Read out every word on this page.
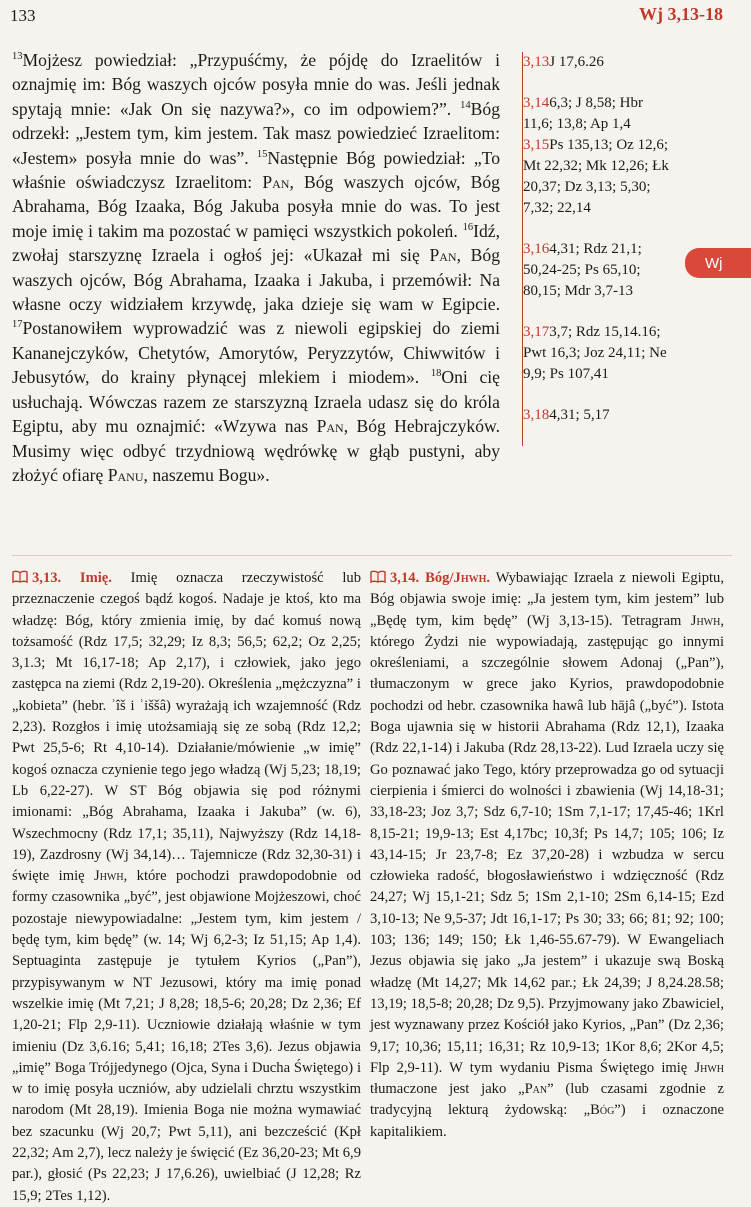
133	Wj 3,13-18
Wj
$^{13}$Mojżesz powiedział: „Przypuśćmy, że pójdę do Izraelitów i oznajmię im: Bóg waszych ojców posyła mnie do was. Jeśli jednak spytają mnie: «Jak On się nazywa?», co im odpowiem?”. $^{14}$Bóg odrzekł: „Jestem tym, kim jestem. Tak masz powiedzieć Izraelitom: «Jestem» posyła mnie do was”. $^{15}$Następnie Bóg powiedział: „To właśnie oświadczysz Izraelitom: Pan, Bóg waszych ojców, Bóg Abrahama, Bóg Izaaka, Bóg Jakuba posyła mnie do was. To jest moje imię i takim ma pozostać w pamięci wszystkich pokoleń. $^{16}$Idź, zwołaj starszyznę Izraela i ogłoś jej: «Ukazał mi się Pan, Bóg waszych ojców, Bóg Abrahama, Izaaka i Jakuba, i przemówił: Na własne oczy widziałem krzywdę, jaka dzieje się wam w Egipcie. $^{17}$Postanowiłem wyprowadzić was z niewoli egipskiej do ziemi Kananejczyków, Chetytów, Amorytów, Peryzzytów, Chiwwitów i Jebusytów, do krainy płynącej mlekiem i miodem». $^{18}$Oni cię usłuchają. Wówczas razem ze starszyzną Izraela udasz się do króla Egiptu, aby mu oznajmić: «Wzywa nas Pan, Bóg Hebrajczyków. Musimy więc odbyć trzydniową wędrówkę w głąb pustyni, aby złożyć ofiarę Panu, naszemu Bogu».
3,13J 17,6.26
3,146,3; J 8,58; Hbr 11,6; 13,8; Ap 1,4
3,15Ps 135,13; Oz 12,6; Mt 22,32; Mk 12,26; Łk 20,37; Dz 3,13; 5,30; 7,32; 22,14
3,164,31; Rdz 21,1; 50,24-25; Ps 65,10; 80,15; Mdr 3,7-13
3,173,7; Rdz 15,14.16; Pwt 16,3; Joz 24,11; Ne 9,9; Ps 107,41
3,184,31; 5,17
3,13. Imię. Imię oznacza rzeczywistość lub przeznaczenie czegoś bądź kogoś. Nadaje je ktoś, kto ma władzę: Bóg, który zmienia imię, by dać komuś nową tożsamość (Rdz 17,5; 32,29; Iz 8,3; 56,5; 62,2; Oz 2,25; 3,1.3; Mt 16,17-18; Ap 2,17), i człowiek, jako jego zastępca na ziemi (Rdz 2,19-20). Określenia „mężczyzna” i „kobieta” (hebr. ʾîš i ʾiššâ) wyrażają ich wzajemność (Rdz 2,23). Rozgłos i imię utożsamiają się ze sobą (Rdz 12,2; Pwt 25,5-6; Rt 4,10-14). Działanie/mówienie „w imię” kogoś oznacza czynienie tego jego władzą (Wj 5,23; 18,19; Lb 6,22-27). W ST Bóg objawia się pod różnymi imionami: „Bóg Abrahama, Izaaka i Jakuba” (w. 6), Wszechmocny (Rdz 17,1; 35,11), Najwyższy (Rdz 14,18-19), Zazdrosny (Wj 34,14)… Tajemnicze (Rdz 32,30-31) i święte imię Jhwh, które pochodzi prawdopodobnie od formy czasownika „być”, jest objawione Mojżeszowi, choć pozostaje niewypowiadalne: „Jestem tym, kim jestem / będę tym, kim będę” (w. 14; Wj 6,2-3; Iz 51,15; Ap 1,4). Septuaginta zastępuje je tytułem Kyrios („Pan”), przypisywanym w NT Jezusowi, który ma imię ponad wszelkie imię (Mt 7,21; J 8,28; 18,5-6; 20,28; Dz 2,36; Ef 1,20-21; Flp 2,9-11). Uczniowie działają właśnie w tym imieniu (Dz 3,6.16; 5,41; 16,18; 2Tes 3,6). Jezus objawia „imię” Boga Trójjedynego (Ojca, Syna i Ducha Świętego) i w to imię posyła uczniów, aby udzielali chrztu wszystkim narodom (Mt 28,19). Imienia Boga nie można wymawiać bez szacunku (Wj 20,7; Pwt 5,11), ani bezcześcić (Kpł 22,32; Am 2,7), lecz należy je święcić (Ez 36,20-23; Mt 6,9 par.), głosić (Ps 22,23; J 17,6.26), uwielbiać (J 12,28; Rz 15,9; 2Tes 1,12).
3,14. Bóg/Jhwh. Wybawiając Izraela z niewoli Egiptu, Bóg objawia swoje imię: „Ja jestem tym, kim jestem” lub „Będę tym, kim będę” (Wj 3,13-15). Tetragram Jhwh, którego Żydzi nie wypowiadają, zastępując go innymi określeniami, a szczególnie słowem Adonaj („Pan”), tłumaczonym w grece jako Kyrios, prawdopodobnie pochodzi od hebr. czasownika hawâ lub hājâ („być”). Istota Boga ujawnia się w historii Abrahama (Rdz 12,1), Izaaka (Rdz 22,1-14) i Jakuba (Rdz 28,13-22). Lud Izraela uczy się Go poznawać jako Tego, który przeprowadza go od sytuacji cierpienia i śmierci do wolności i zbawienia (Wj 14,18-31; 33,18-23; Joz 3,7; Sdz 6,7-10; 1Sm 7,1-17; 17,45-46; 1Krl 8,15-21; 19,9-13; Est 4,17bc; 10,3f; Ps 14,7; 105; 106; Iz 43,14-15; Jr 23,7-8; Ez 37,20-28) i wzbudza w sercu człowieka radość, błogosławieństwo i wdzięczność (Rdz 24,27; Wj 15,1-21; Sdz 5; 1Sm 2,1-10; 2Sm 6,14-15; Ezd 3,10-13; Ne 9,5-37; Jdt 16,1-17; Ps 30; 33; 66; 81; 92; 100; 103; 136; 149; 150; Łk 1,46-55.67-79). W Ewangeliach Jezus objawia się jako „Ja jestem” i ukazuje swą Boską władzę (Mt 14,27; Mk 14,62 par.; Łk 24,39; J 8,24.28.58; 13,19; 18,5-8; 20,28; Dz 9,5). Przyjmowany jako Zbawiciel, jest wyznawany przez Kościół jako Kyrios, „Pan” (Dz 2,36; 9,17; 10,36; 15,11; 16,31; Rz 10,9-13; 1Kor 8,6; 2Kor 4,5; Flp 2,9-11). W tym wydaniu Pisma Świętego imię Jhwh tłumaczone jest jako „Pan” (lub czasami zgodnie z tradycyjną lekturą żydowską: „Bóg”) i oznaczone kapitalikiem.
